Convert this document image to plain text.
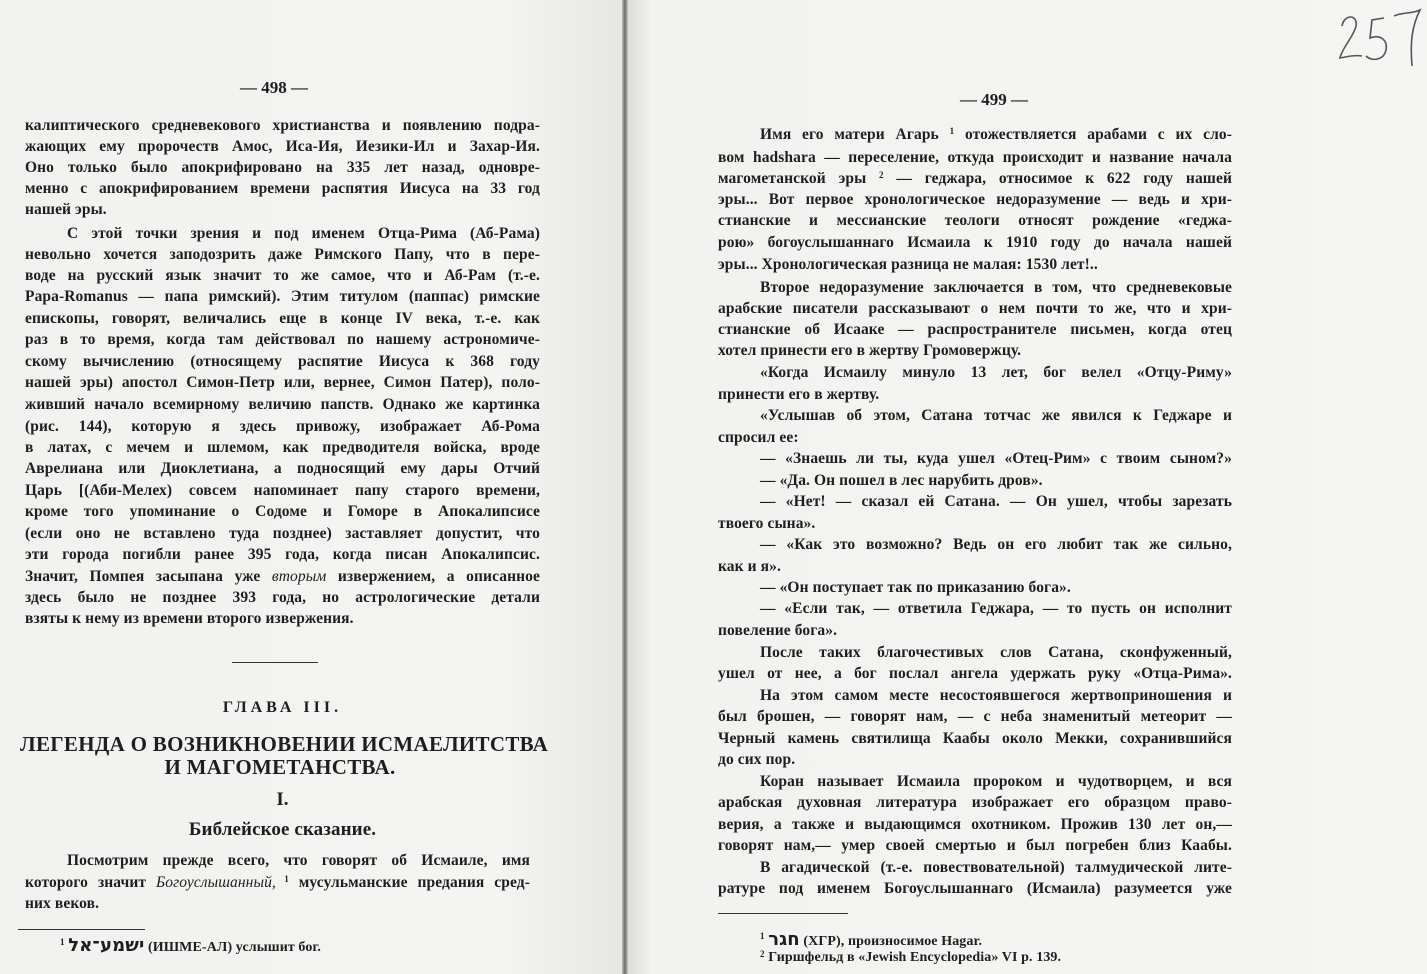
— 498 —
калиптического средневекового христианства и появлению подра-
жающих ему пророчеств Амос, Иса-Ия, Иезики-Ил и Захар-Ия.
Оно только было апокрифировано на 335 лет назад, одновре-
менно с апокрифированием времени распятия Иисуса на 33 год
нашей эры.
С этой точки зрения и под именем Отца-Рима (Аб-Рама)
невольно хочется заподозрить даже Римского Папу, что в пере-
воде на русский язык значит то же самое, что и Аб-Рам (т.-е.
Papa-Romanus — папа римский). Этим титулом (паппас) римские
епископы, говорят, величались еще в конце IV века, т.-е. как
раз в то время, когда там действовал по нашему астрономиче-
скому вычислению (относящему распятие Иисуса к 368 году
нашей эры) апостол Симон-Петр или, вернее, Симон Патер), поло-
живший начало всемирному величию папств. Однако же картинка
(рис. 144), которую я здесь привожу, изображает Аб-Рома
в латах, с мечем и шлемом, как предводителя войска, вроде
Аврелиана или Диоклетиана, а подносящий ему дары Отчий
Царь [(Аби-Мелех) совсем напоминает папу старого времени,
кроме того упоминание о Содоме и Гоморе в Апокалипсисе
(если оно не вставлено туда позднее) заставляет допустит, что
эти города погибли ранее 395 года, когда писан Апокалипсис.
Значит, Помпея засыпана уже вторым извержением, а описанное
здесь было не позднее 393 года, но астрологические детали
взяты к нему из времени второго извержения.
ГЛАВА III.
ЛЕГЕНДА О ВОЗНИКНОВЕНИИ ИСМАЕЛИТСТВА
И МАГОМЕТАНСТВА.
I.
Библейское сказание.
Посмотрим прежде всего, что говорят об Исмаиле, имя
которого значит Богоуслышанный, $^1$ мусульманские предания сред-
них веков.
$^1$ ישמע־אל (ИШМЕ-АЛ) услышит бог.
— 499 —
Имя его матери Агарь $^1$ отожествляется арабами с их сло-
вом hadshara — переселение, откуда происходит и название начала
магометанской эры $^2$ — геджара, относимое к 622 году нашей
эры... Вот первое хронологическое недоразумение — ведь и хри-
стианские и мессианские теологи относят рождение «геджа-
рою» богоуслышаннаго Исмаила к 1910 году до начала нашей
эры... Хронологическая разница не малая: 1530 лет!..
Второе недоразумение заключается в том, что средневековые
арабские писатели рассказывают о нем почти то же, что и хри-
стианские об Исааке — распространителе письмен, когда отец
хотел принести его в жертву Громовержцу.
«Когда Исмаилу минуло 13 лет, бог велел «Отцу-Риму»
принести его в жертву.
«Услышав об этом, Сатана тотчас же явился к Геджаре и
спросил ее:
— «Знаешь ли ты, куда ушел «Отец-Рим» с твоим сыном?»
— «Да. Он пошел в лес нарубить дров».
— «Нет! — сказал ей Сатана. — Он ушел, чтобы зарезать
твоего сына».
— «Как это возможно? Ведь он его любит так же сильно,
как и я».
— «Он поступает так по приказанию бога».
— «Если так, — ответила Геджара, — то пусть он исполнит
повеление бога».
После таких благочестивых слов Сатана, сконфуженный,
ушел от нее, а бог послал ангела удержать руку «Отца-Рима».
На этом самом месте несостоявшегося жертвоприношения и
был брошен, — говорят нам, — с неба знаменитый метеорит —
Черный камень святилища Каабы около Мекки, сохранившийся
до сих пор.
Коран называет Исмаила пророком и чудотворцем, и вся
арабская духовная литература изображает его образцом право-
верия, а также и выдающимся охотником. Прожив 130 лет он,—
говорят нам,— умер своей смертью и был погребен близ Каабы.
В агадической (т.-е. повествовательной) талмудической лите-
ратуре под именем Богоуслышаннаго (Исмаила) разумеется уже
$^1$ חגר (ХГР), произносимое Hagar.
$^2$ Гиршфельд в «Jewish Encyclopedia» VI p. 139.
